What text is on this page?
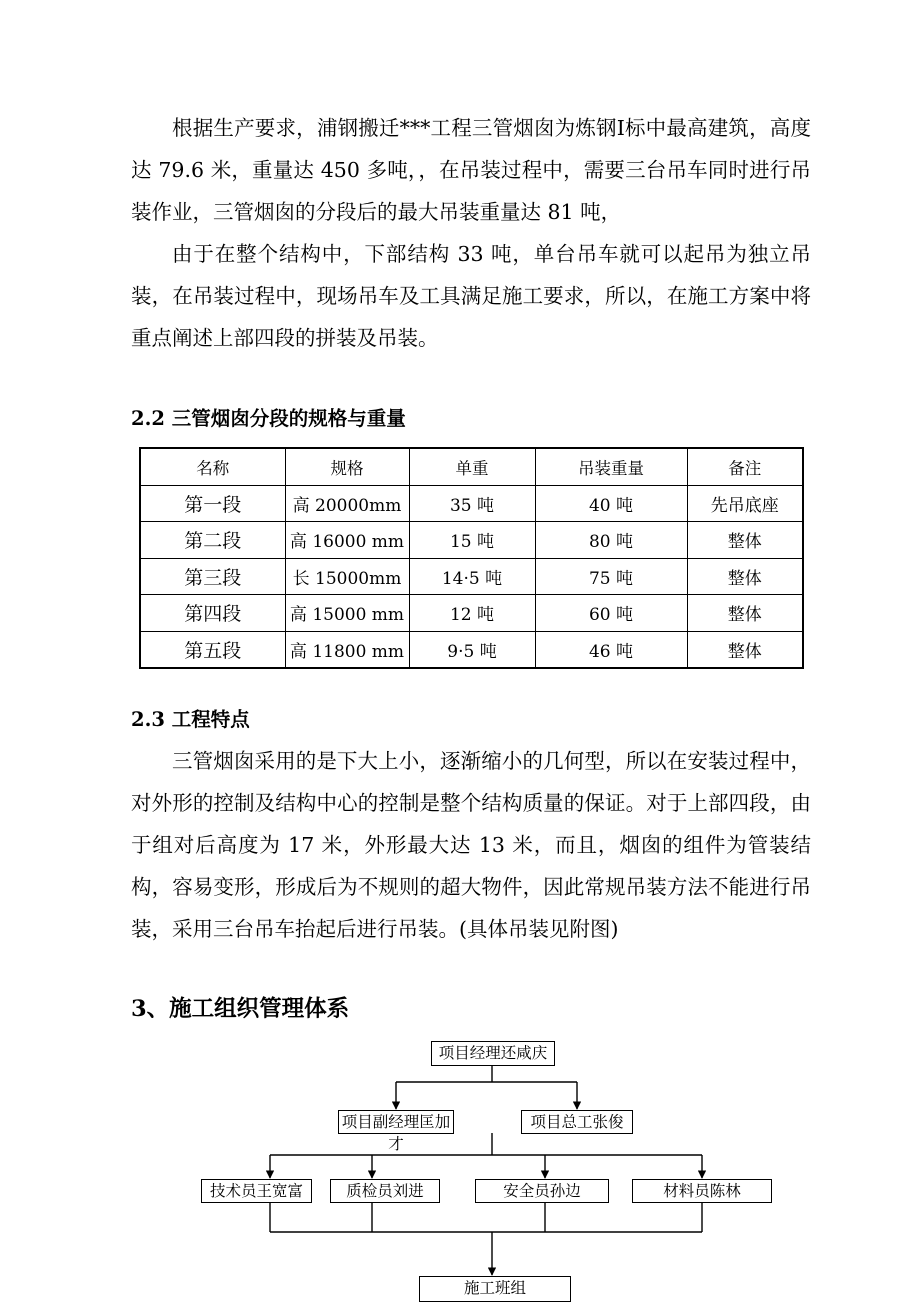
根据生产要求，浦钢搬迁***工程三管烟囱为炼钢Ⅰ标中最高建筑，高度达 79.6 米，重量达 450 多吨，，在吊装过程中，需要三台吊车同时进行吊装作业，三管烟囱的分段后的最大吊装重量达 81 吨，

由于在整个结构中，下部结构 33 吨，单台吊车就可以起吊为独立吊装，在吊装过程中，现场吊车及工具满足施工要求，所以，在施工方案中将重点阐述上部四段的拼装及吊装。

2.2 三管烟囱分段的规格与重量
名称	规格	单重	吊装重量	备注
第一段	高 20000mm	35 吨	40 吨	先吊底座
第二段	高 16000 mm	15 吨	80 吨	整体
第三段	长 15000mm	14·5 吨	75 吨	整体
第四段	高 15000 mm	12 吨	60 吨	整体
第五段	高 11800 mm	9·5 吨	46 吨	整体
2.3 工程特点

三管烟囱采用的是下大上小，逐渐缩小的几何型，所以在安装过程中，对外形的控制及结构中心的控制是整个结构质量的保证。对于上部四段，由于组对后高度为 17 米，外形最大达 13 米，而且，烟囱的组件为管装结构，容易变形，形成后为不规则的超大物件，因此常规吊装方法不能进行吊装，采用三台吊车抬起后进行吊装。(具体吊装见附图)

3、施工组织管理体系
项目经理还咸庆
项目副经理匡加才
项目总工张俊
技术员王宽富	质检员刘进	安全员孙边	材料员陈林
施工班组
